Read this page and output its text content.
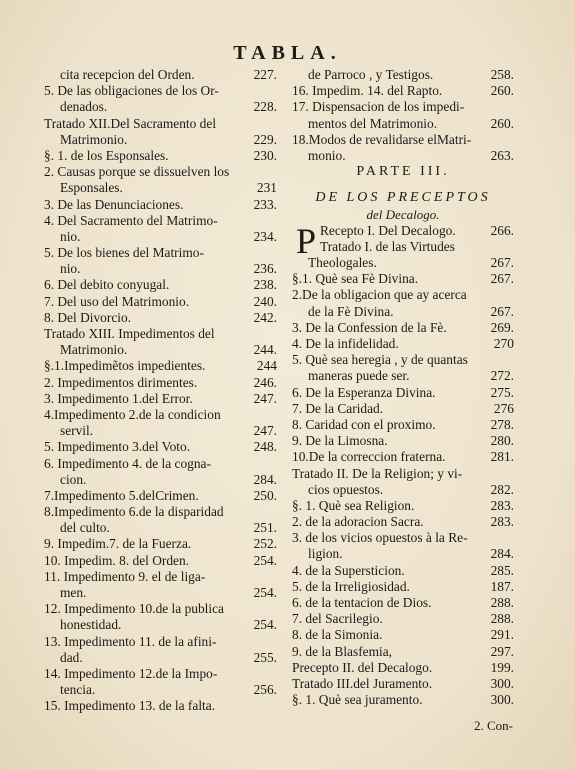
TABLA.
cita recepcion del Orden.	227.
5. De las obligaciones de los Or-
denados.	228.
Tratado XII.Del Sacramento del
Matrimonio.	229.
§. 1. de los Esponsales.	230.
2. Causas porque se dissuelven los
Esponsales.	231
3. De las Denunciaciones.	233.
4. Del Sacramento del Matrimo-
nio.	234.
5. De los bienes del Matrimo-
nio.	236.
6. Del debito conyugal.	238.
7. Del uso del Matrimonio.	240.
8. Del Divorcio.	242.
Tratado XIII. Impedimentos del
Matrimonio.	244.
§.1.Impedimẽtos impedientes.	244
2. Impedimentos dirimentes.	246.
3. Impedimento 1.del Error.	247.
4.Impedimento 2.de la condicion
servil.	247.
5. Impedimento 3.del Voto.	248.
6. Impedimento 4. de la cogna-
cion.	284.
7.Impedimento 5.delCrimen.	250.
8.Impedimento 6.de la disparidad
del culto.	251.
9. Impedim.7. de la Fuerza.	252.
10. Impedim. 8. del Orden.	254.
11. Impedimento 9. el de liga-
men.	254.
12. Impedimento 10.de la publica
honestidad.	254.
13. Impedimento 11. de la afini-
dad.	255.
14. Impedimento 12.de la Impo-
tencia.	256.
15. Impedimento 13. de la falta.
de Parroco , y Testigos.	258.
16. Impedim. 14. del Rapto.	260.
17. Dispensacion de los impedi-
mentos del Matrimonio.	260.
18.Modos de revalidarse elMatri-
monio.	263.
PARTE III.
DE LOS PRECEPTOS
del Decalogo.
P Recepto I. Del Decalogo.	266.
Tratado I. de las Virtudes
Theologales.	267.
§.1. Què sea Fè Divina.	267.
2.De la obligacion que ay acerca
de la Fè Divina.	267.
3. De la Confession de la Fè.	269.
4. De la infidelidad.	270
5. Què sea heregia , y de quantas
maneras puede ser.	272.
6. De la Esperanza Divina.	275.
7. De la Caridad.	276
8. Caridad con el proximo.	278.
9. De la Limosna.	280.
10.De la correccion fraterna.	281.
Tratado II. De la Religion; y vi-
cios opuestos.	282.
§. 1. Què sea Religion.	283.
2. de la adoracion Sacra.	283.
3. de los vicios opuestos à la Re-
ligion.	284.
4. de la Supersticion.	285.
5. de la Irreligiosidad.	187.
6. de la tentacion de Dios.	288.
7. del Sacrilegio.	288.
8. de la Simonia.	291.
9. de la Blasfemia,	297.
Precepto II. del Decalogo.	199.
Tratado III.del Juramento.	300.
§. 1. Què sea juramento.	300.
2. Con-
